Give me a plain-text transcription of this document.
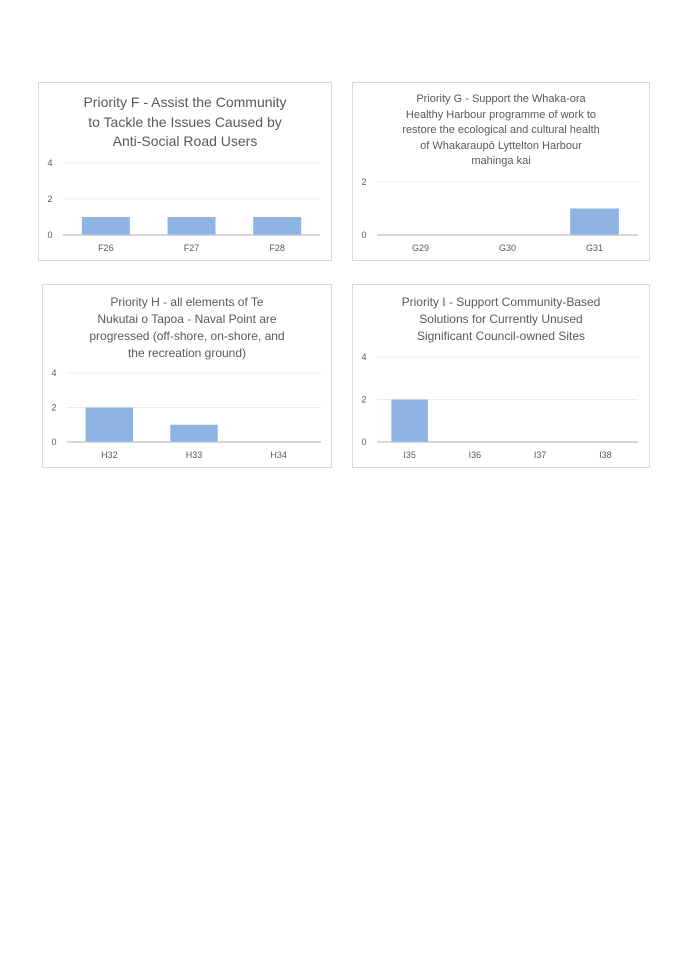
Priority F - Assist the Community
to Tackle the Issues Caused by
Anti-Social Road Users
0
2
4
F26	F27	F28
Priority G - Support the Whaka-ora
Healthy Harbour programme of work to
restore the ecological and cultural health
of Whakaraupō Lyttelton Harbour
mahinga kai
0
2
G29	G30	G31
Priority H - all elements of Te
Nukutai o Tapoa - Naval Point are
progressed (off-shore, on-shore, and
the recreation ground)
0
2
4
H32	H33	H34
Priority I - Support Community-Based
Solutions for Currently Unused
Significant Council-owned Sites
0
2
4
I35	I36	I37	I38
